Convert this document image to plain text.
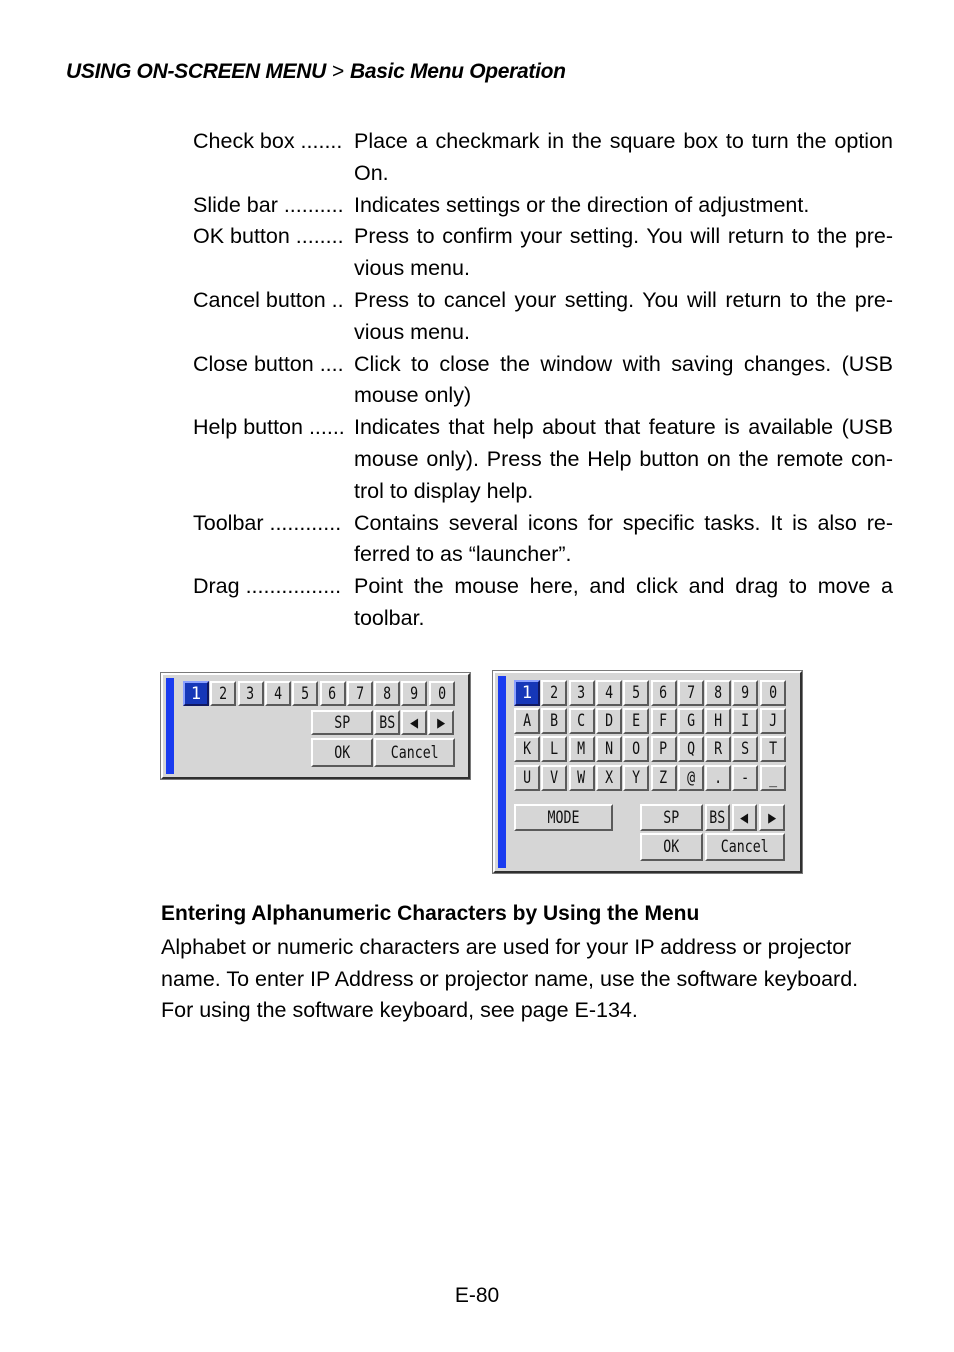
USING ON-SCREEN MENU > Basic Menu Operation
Check box ....... Place a checkmark in the square box to turn the option On.
Slide bar .......... Indicates settings or the direction of adjustment.
OK button ........ Press to confirm your setting. You will return to the pre-vious menu.
Cancel button .. Press to cancel your setting. You will return to the pre-vious menu.
Close button .... Click to close the window with saving changes. (USB mouse only)
Help button ...... Indicates that help about that feature is available (USB mouse only). Press the Help button on the remote con-trol to display help.
Toolbar ............ Contains several icons for specific tasks. It is also re-ferred to as “launcher”.
Drag ................ Point the mouse here, and click and drag to move a toolbar.
1 2 3 4 5 6 7 8 9 0
SP BS ◀ ▶
OK Cancel
1 2 3 4 5 6 7 8 9 0
A B C D E F G H I J
K L M N O P Q R S T
U V W X Y Z @ . - _
MODE	SP BS ◀ ▶
OK Cancel
Entering Alphanumeric Characters by Using the Menu
Alphabet or numeric characters are used for your IP address or projector name. To enter IP Address or projector name, use the software keyboard. For using the software keyboard, see page E-134.
E-80
